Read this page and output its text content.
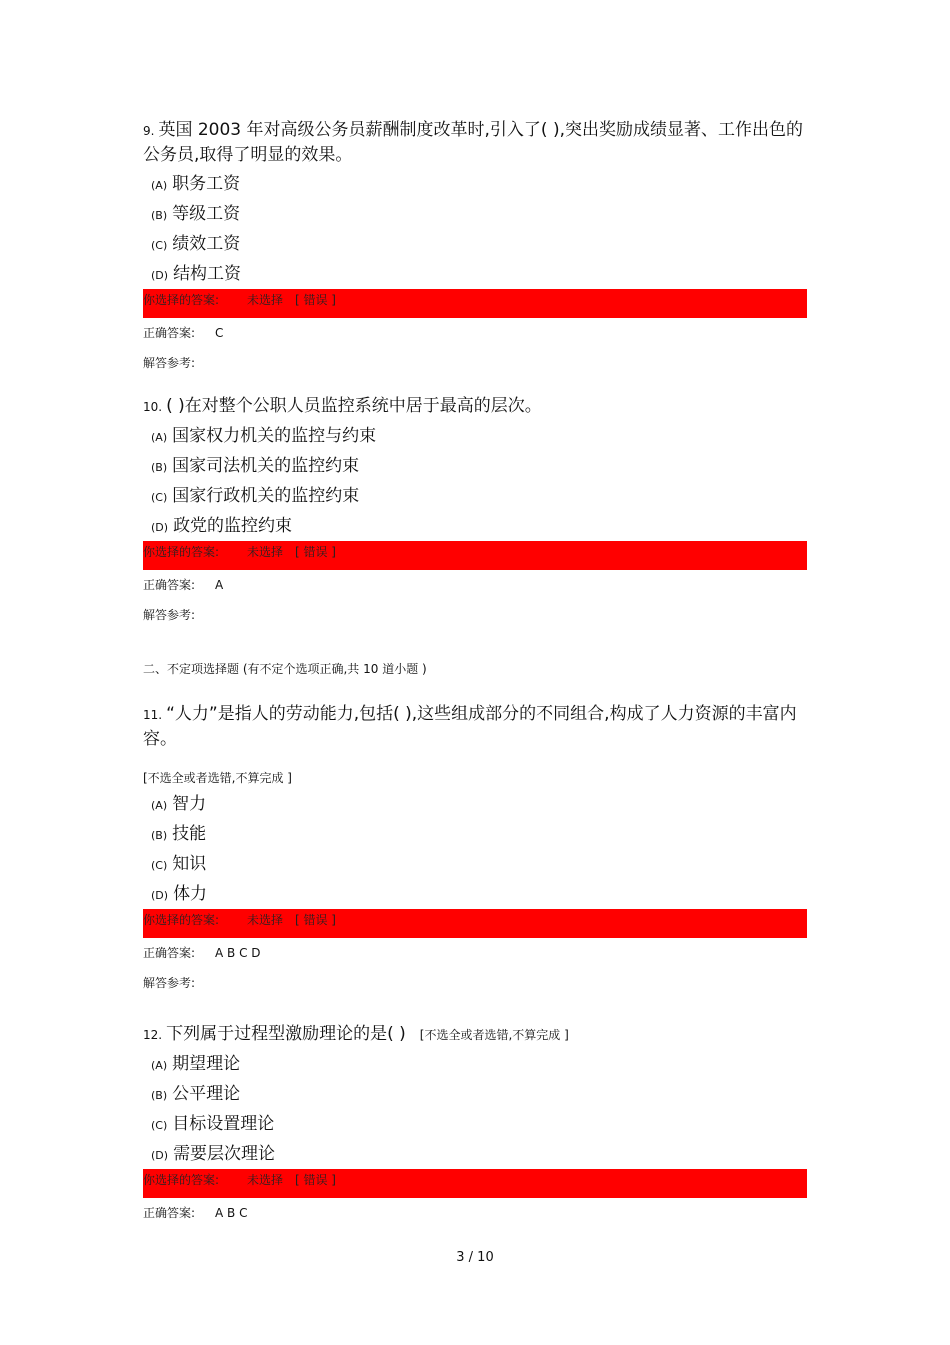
9. 英国 2003 年对高级公务员薪酬制度改革时,引入了( ),突出奖励成绩显著、工作出色的公务员,取得了明显的效果。

(A) 职务工资
(B) 等级工资
(C) 绩效工资
(D) 结构工资
你选择的答案: 未选择 [ 错误 ]
正确答案: C
解答参考:

10. ( )在对整个公职人员监控系统中居于最高的层次。

(A) 国家权力机关的监控与约束
(B) 国家司法机关的监控约束
(C) 国家行政机关的监控约束
(D) 政党的监控约束
你选择的答案: 未选择 [ 错误 ]
正确答案: A
解答参考:
二、不定项选择题 (有不定个选项正确,共 10 道小题 )

11. “人力”是指人的劳动能力,包括( ),这些组成部分的不同组合,构成了人力资源的丰富内容。

[不选全或者选错,不算完成 ]
(A) 智力
(B) 技能
(C) 知识
(D) 体力
你选择的答案: 未选择 [ 错误 ]
正确答案: A B C D
解答参考:

12. 下列属于过程型激励理论的是( ) [不选全或者选错,不算完成 ]

(A) 期望理论
(B) 公平理论
(C) 目标设置理论
(D) 需要层次理论
你选择的答案: 未选择 [ 错误 ]
正确答案: A B C
3 / 10
